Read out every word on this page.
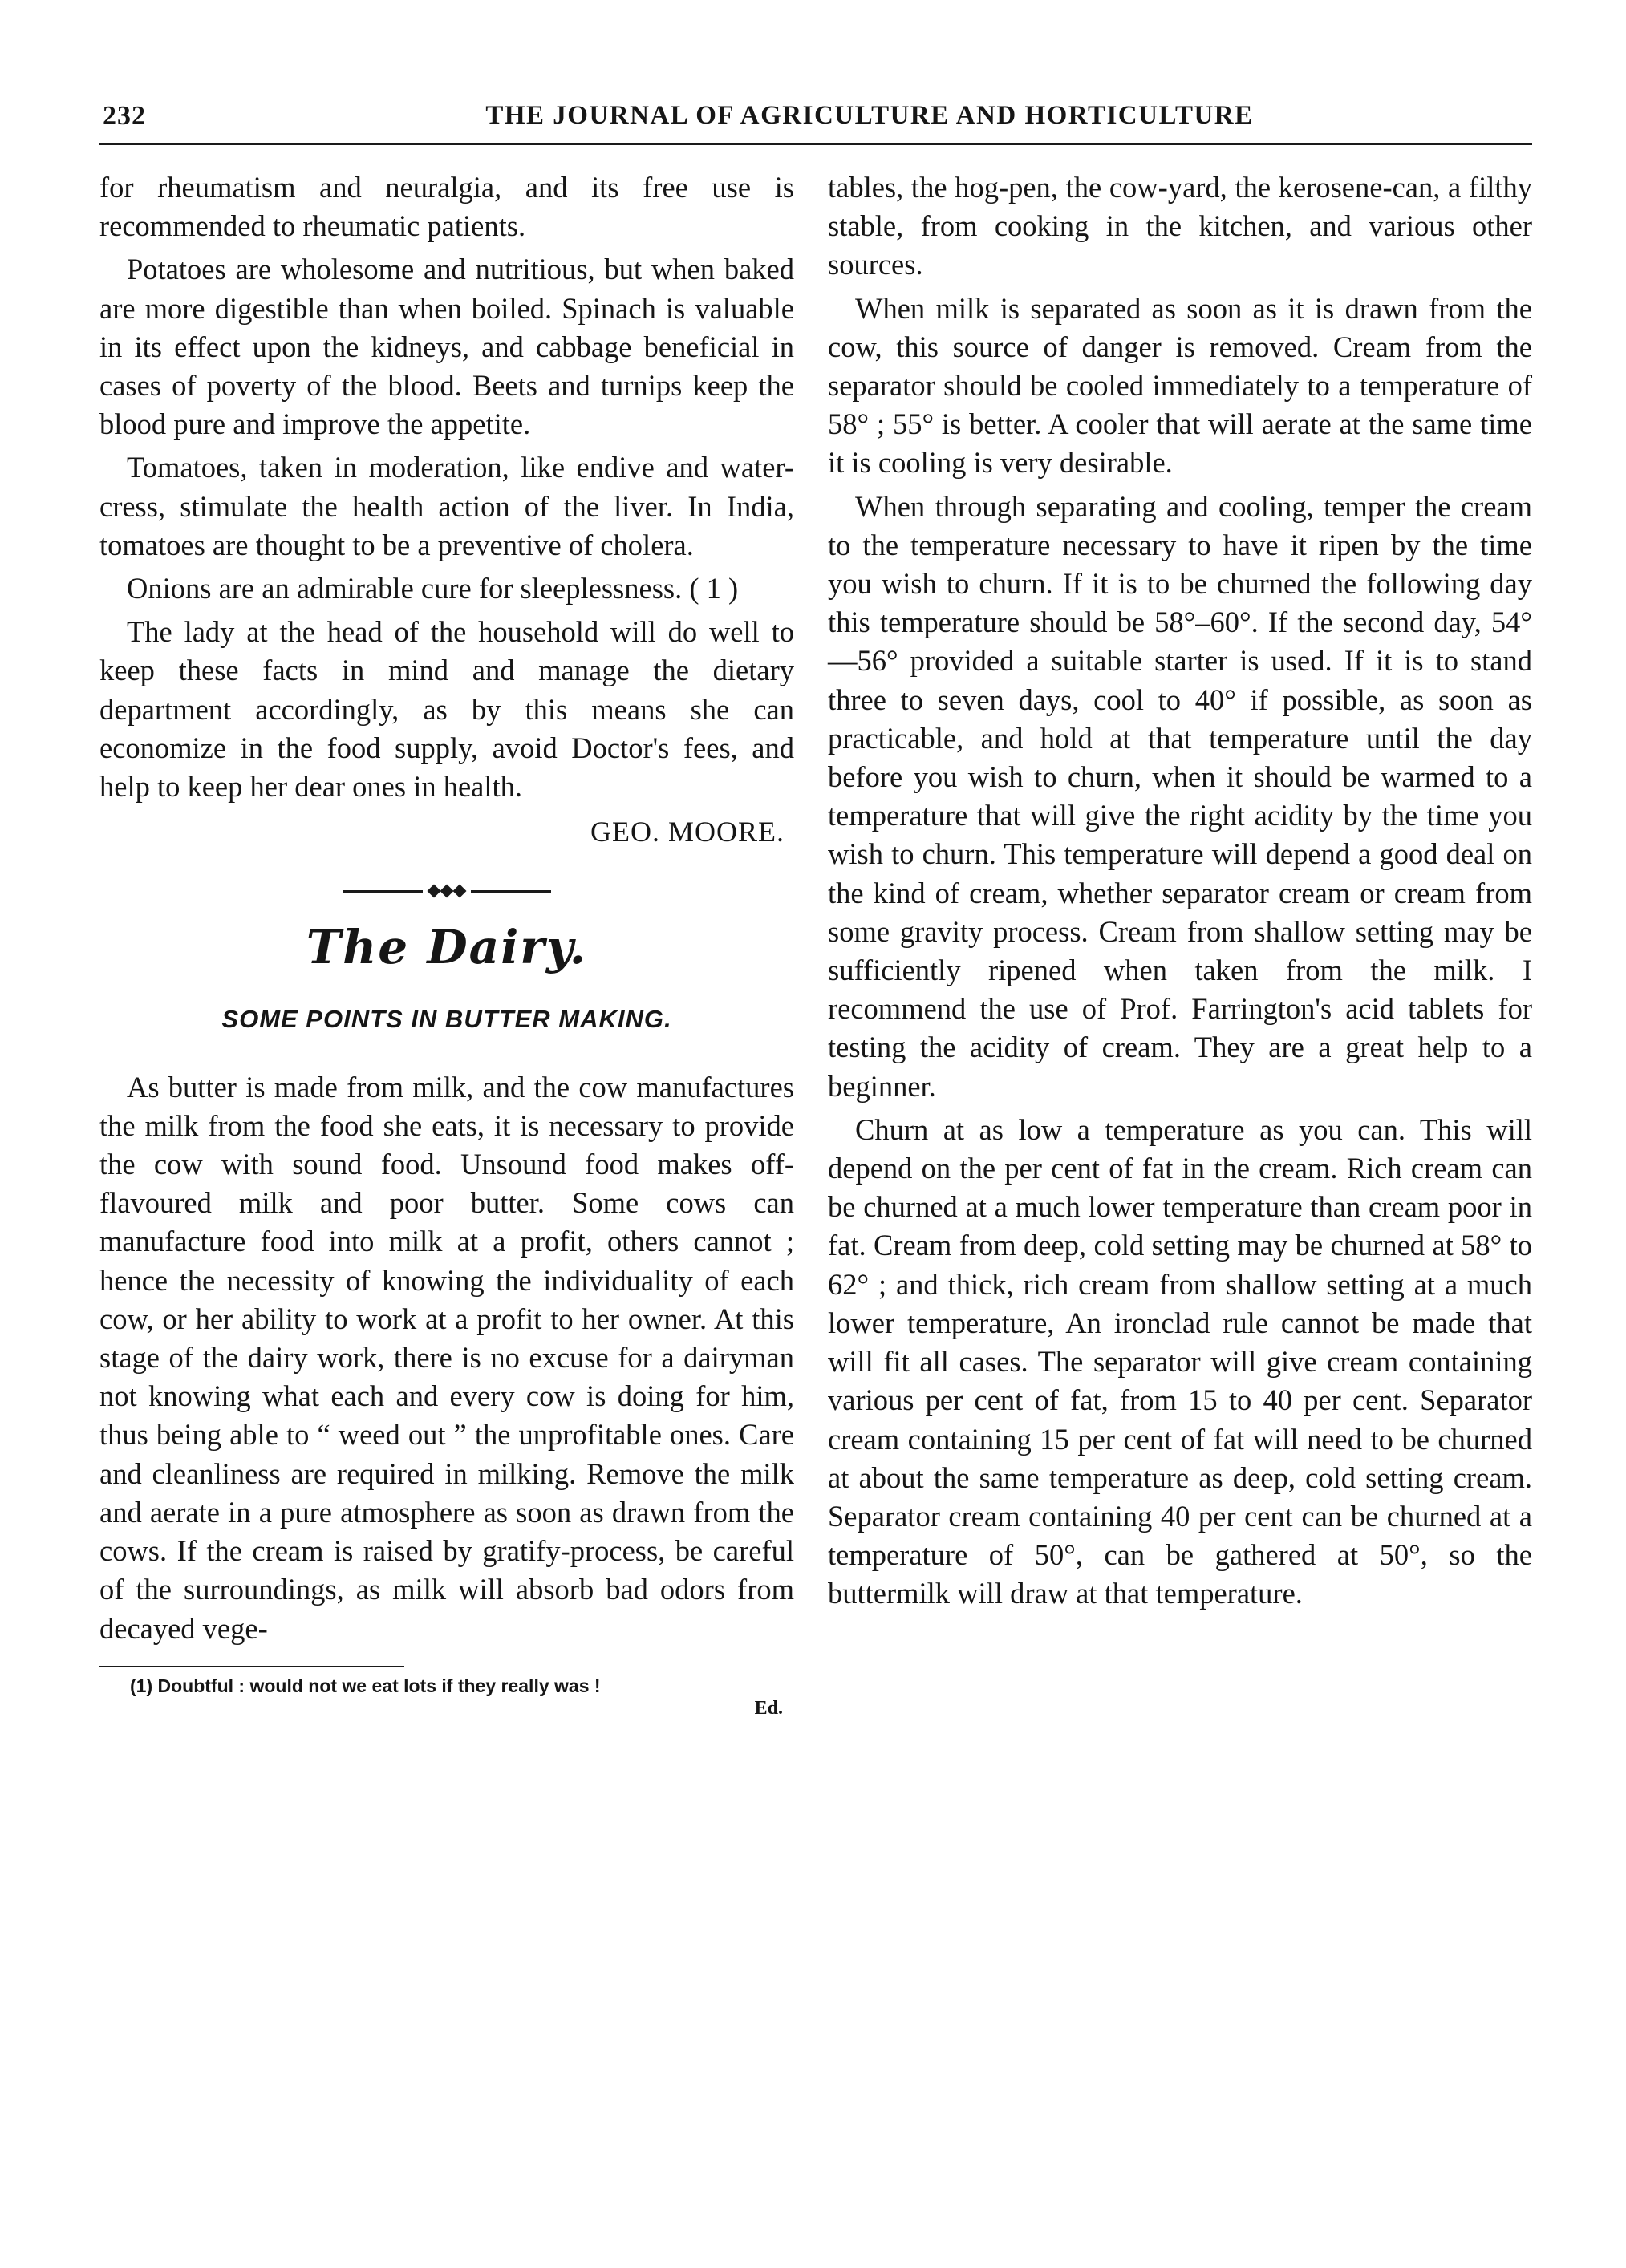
232	THE JOURNAL OF AGRICULTURE AND HORTICULTURE

for rheumatism and neuralgia, and its free use is recommended to rheumatic patients.

Potatoes are wholesome and nutritious, but when baked are more digestible than when boiled. Spinach is valuable in its effect upon the kidneys, and cabbage beneficial in cases of poverty of the blood. Beets and turnips keep the blood pure and improve the appetite.

Tomatoes, taken in moderation, like endive and water-cress, stimulate the health action of the liver. In India, tomatoes are thought to be a preventive of cholera.

Onions are an admirable cure for sleeplessness. ( 1 )

The lady at the head of the household will do well to keep these facts in mind and manage the dietary department accordingly, as by this means she can economize in the food supply, avoid Doctor's fees, and help to keep her dear ones in health.

GEO. MOORE.
The Dairy.
SOME POINTS IN BUTTER MAKING.

As butter is made from milk, and the cow manufactures the milk from the food she eats, it is necessary to provide the cow with sound food. Unsound food makes off-flavoured milk and poor butter. Some cows can manufacture food into milk at a profit, others cannot ; hence the necessity of knowing the individuality of each cow, or her ability to work at a profit to her owner. At this stage of the dairy work, there is no excuse for a dairyman not knowing what each and every cow is doing for him, thus being able to “ weed out ” the unprofitable ones. Care and cleanliness are required in milking. Remove the milk and aerate in a pure atmosphere as soon as drawn from the cows. If the cream is raised by gratify-process, be careful of the surroundings, as milk will absorb bad odors from decayed vege-

(1) Doubtful : would not we eat lots if they really was !
Ed.

tables, the hog-pen, the cow-yard, the kerosene-can, a filthy stable, from cooking in the kitchen, and various other sources.

When milk is separated as soon as it is drawn from the cow, this source of danger is removed. Cream from the separator should be cooled immediately to a temperature of 58° ; 55° is better. A cooler that will aerate at the same time it is cooling is very desirable.

When through separating and cooling, temper the cream to the temperature necessary to have it ripen by the time you wish to churn. If it is to be churned the following day this temperature should be 58°–60°. If the second day, 54°—56° provided a suitable starter is used. If it is to stand three to seven days, cool to 40° if possible, as soon as practicable, and hold at that temperature until the day before you wish to churn, when it should be warmed to a temperature that will give the right acidity by the time you wish to churn. This temperature will depend a good deal on the kind of cream, whether separator cream or cream from some gravity process. Cream from shallow setting may be sufficiently ripened when taken from the milk. I recommend the use of Prof. Farrington's acid tablets for testing the acidity of cream. They are a great help to a beginner.

Churn at as low a temperature as you can. This will depend on the per cent of fat in the cream. Rich cream can be churned at a much lower temperature than cream poor in fat. Cream from deep, cold setting may be churned at 58° to 62° ; and thick, rich cream from shallow setting at a much lower temperature, An ironclad rule cannot be made that will fit all cases. The separator will give cream containing various per cent of fat, from 15 to 40 per cent. Separator cream containing 15 per cent of fat will need to be churned at about the same temperature as deep, cold setting cream. Separator cream containing 40 per cent can be churned at a temperature of 50°, can be gathered at 50°, so the buttermilk will draw at that temperature.
